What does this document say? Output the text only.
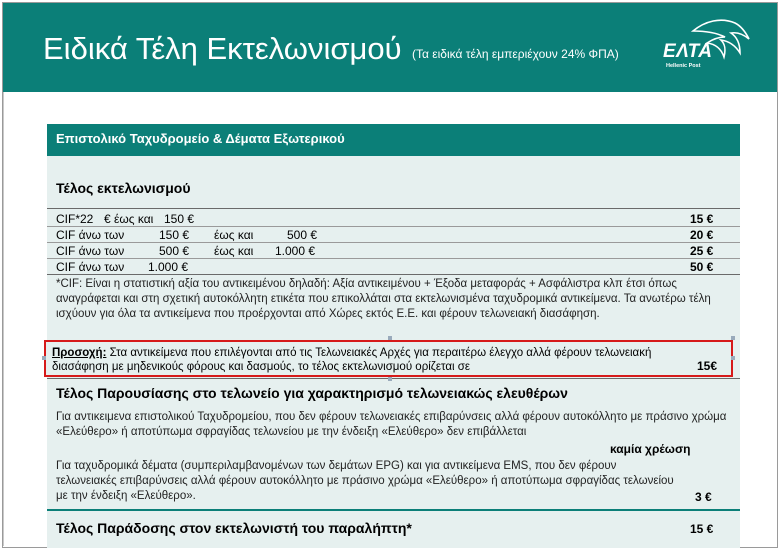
Ειδικά Τέλη Εκτελωνισμού (Τα ειδικά τέλη εμπεριέχουν 24% ΦΠΑ) ΕΛΤΑ
Hellenic Post
Επιστολικό Ταχυδρομείο & Δέματα Εξωτερικού
Τέλος εκτελωνισμού
CIF*22 € έως και 150 €	15 €
CIF άνω των	150 € έως και	500 €	20 €
CIF άνω των	500 € έως και 1.000 €	25 €
CIF άνω των 1.000 €	50 €
*CIF: Είναι η στατιστική αξία του αντικειμένου δηλαδή: Αξία αντικειμένου + Έξοδα μεταφοράς + Ασφάλιστρα κλπ έτσι όπως αναγράφεται και στη σχετική αυτοκόλλητη ετικέτα που επικολλάται στα εκτελωνισμένα ταχυδρομικά αντικείμενα. Τα ανωτέρω τέλη ισχύουν για όλα τα αντικείμενα που προέρχονται από Χώρες εκτός Ε.Ε. και φέρουν τελωνειακή διασάφηση.
Τέλος Παρουσίασης στο τελωνείο για χαρακτηρισμό τελωνειακώς ελευθέρων
Για αντικειμενα επιστολικού Ταχυδρομείου, που δεν φέρουν τελωνειακές επιβαρύνσεις αλλά φέρουν αυτοκόλλητο με πράσινο χρώμα «Ελεύθερο» ή αποτύπωμα σφραγίδας τελωνείου με την ένδειξη «Ελεύθερο» δεν επιβάλλεται
καμία χρέωση
Για ταχυδρομικά δέματα (συμπεριλαμβανομένων των δεμάτων EPG) και για αντικείμενα EMS, που δεν φέρουν τελωνειακές επιβαρύνσεις αλλά φέρουν αυτοκόλλητο με πράσινο χρώμα «Ελεύθερο» ή αποτύπωμα σφραγίδας τελωνείου με την ένδειξη «Ελεύθερο».	3 €
Τέλος Παράδοσης στον εκτελωνιστή του παραλήπτη*	15 €
Προσοχή: Στα αντικείμενα που επιλέγονται από τις Τελωνειακές Αρχές για περαιτέρω έλεγχο αλλά φέρουν τελωνειακή διασάφηση με μηδενικούς φόρους και δασμούς, το τέλος εκτελωνισμού ορίζεται σε	15€
